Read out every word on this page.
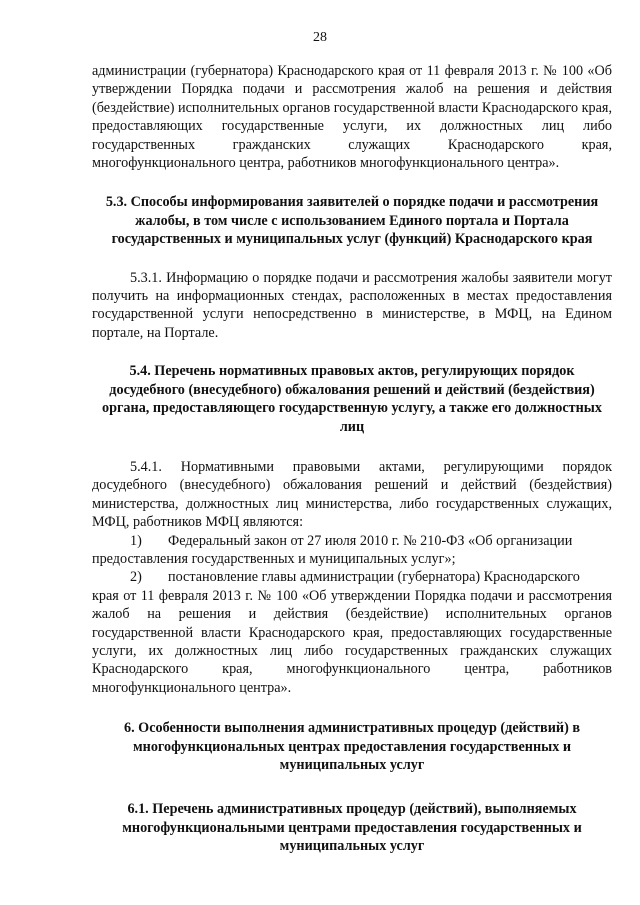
28

администрации (губернатора) Краснодарского края от 11 февраля 2013 г. № 100 «Об утверждении Порядка подачи и рассмотрения жалоб на решения и действия (бездействие) исполнительных органов государственной власти Краснодарского края, предоставляющих государственные услуги, их должностных лиц либо государственных гражданских служащих Краснодарского края, многофункционального центра, работников многофункционального центра».

5.3. Способы информирования заявителей о порядке подачи и рассмотрения жалобы, в том числе с использованием Единого портала и Портала государственных и муниципальных услуг (функций) Краснодарского края

5.3.1. Информацию о порядке подачи и рассмотрения жалобы заявители могут получить на информационных стендах, расположенных в местах предоставления государственной услуги непосредственно в министерстве, в МФЦ, на Едином портале, на Портале.

5.4. Перечень нормативных правовых актов, регулирующих порядок досудебного (внесудебного) обжалования решений и действий (бездействия) органа, предоставляющего государственную услугу, а также его должностных лиц

5.4.1. Нормативными правовыми актами, регулирующими порядок досудебного (внесудебного) обжалования решений и действий (бездействия) министерства, должностных лиц министерства, либо государственных служащих, МФЦ, работников МФЦ являются:

1)	Федеральный закон от 27 июля 2010 г. № 210-ФЗ «Об организации

предоставления государственных и муниципальных услуг»;

2)	постановление главы администрации (губернатора) Краснодарского

края от 11 февраля 2013 г. № 100 «Об утверждении Порядка подачи и рассмотрения жалоб на решения и действия (бездействие) исполнительных органов государственной власти Краснодарского края, предоставляющих государственные услуги, их должностных лиц либо государственных гражданских служащих Краснодарского края, многофункционального центра, работников многофункционального центра».

6. Особенности выполнения административных процедур (действий) в многофункциональных центрах предоставления государственных и муниципальных услуг

6.1. Перечень административных процедур (действий), выполняемых многофункциональными центрами предоставления государственных и муниципальных услуг
